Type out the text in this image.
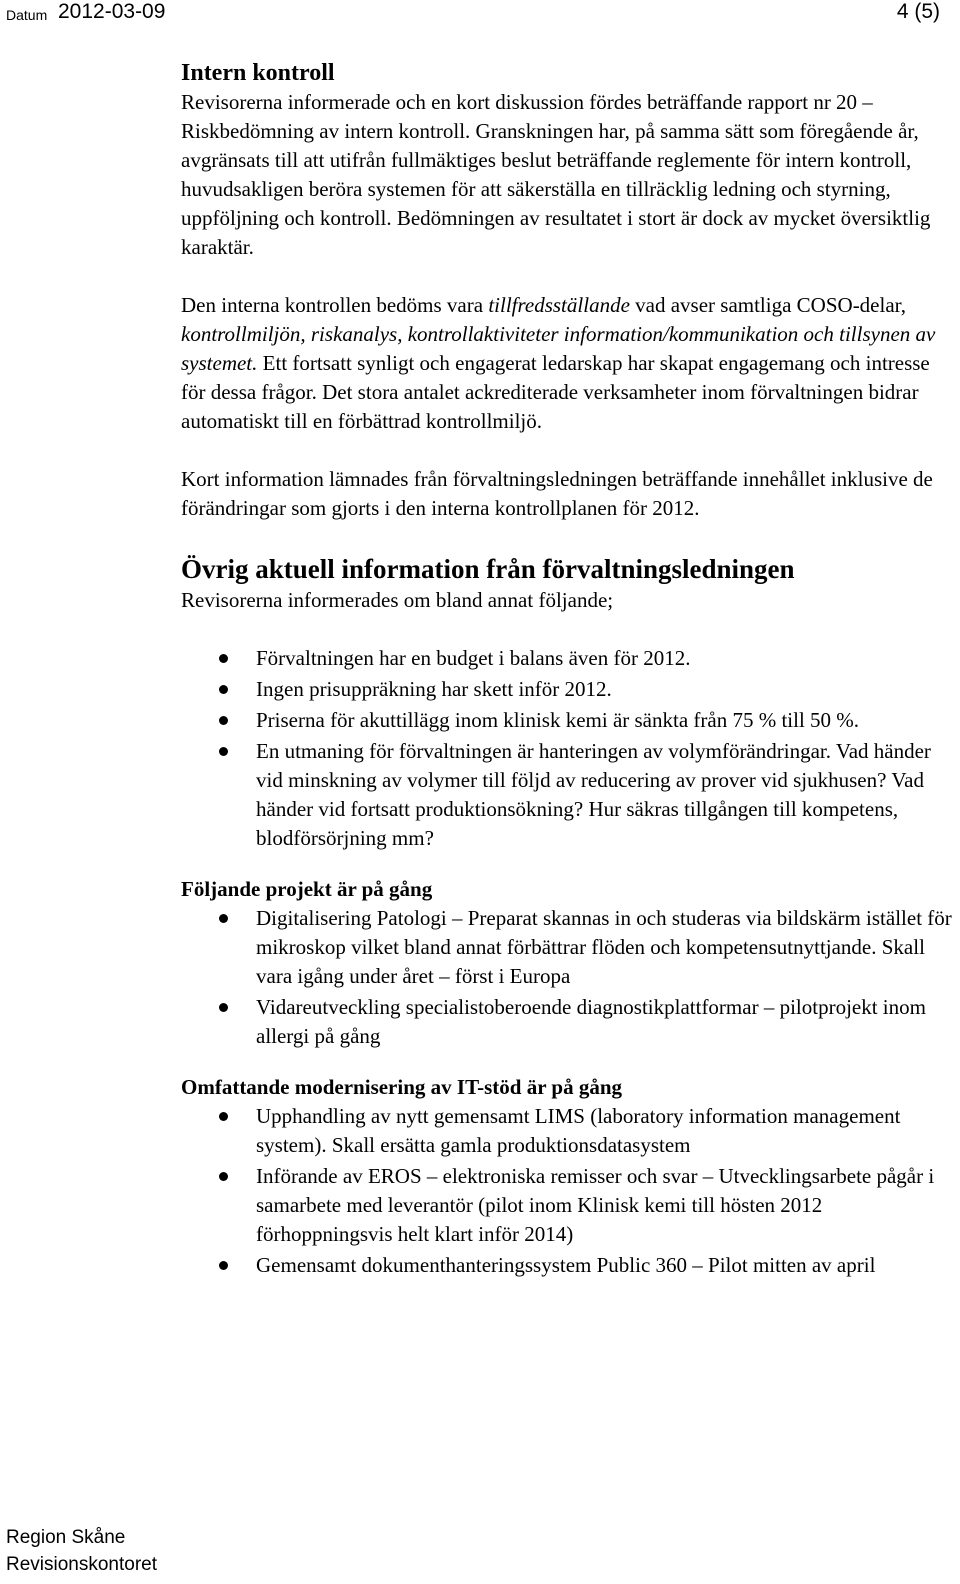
Datum 2012-03-09	4 (5)
Intern kontroll

Revisorerna informerade och en kort diskussion fördes beträffande rapport nr 20 – Riskbedömning av intern kontroll. Granskningen har, på samma sätt som föregående år, avgränsats till att utifrån fullmäktiges beslut beträffande reglemente för intern kontroll, huvudsakligen beröra systemen för att säkerställa en tillräcklig ledning och styrning, uppföljning och kontroll. Bedömningen av resultatet i stort är dock av mycket översiktlig karaktär.

Den interna kontrollen bedöms vara tillfredsställande vad avser samtliga COSO-delar, kontrollmiljön, riskanalys, kontrollaktiviteter information/kommunikation och tillsynen av systemet. Ett fortsatt synligt och engagerat ledarskap har skapat engagemang och intresse för dessa frågor. Det stora antalet ackrediterade verksamheter inom förvaltningen bidrar automatiskt till en förbättrad kontrollmiljö.

Kort information lämnades från förvaltningsledningen beträffande innehållet inklusive de förändringar som gjorts i den interna kontrollplanen för 2012.

Övrig aktuell information från förvaltningsledningen

Revisorerna informerades om bland annat följande;

Förvaltningen har en budget i balans även för 2012.
Ingen prisuppräkning har skett inför 2012.
Priserna för akuttillägg inom klinisk kemi är sänkta från 75 % till 50 %.
En utmaning för förvaltningen är hanteringen av volymförändringar. Vad händer vid minskning av volymer till följd av reducering av prover vid sjukhusen? Vad händer vid fortsatt produktionsökning? Hur säkras tillgången till kompetens, blodförsörjning mm?
Följande projekt är på gång
Digitalisering Patologi – Preparat skannas in och studeras via bildskärm istället för mikroskop vilket bland annat förbättrar flöden och kompetensutnyttjande. Skall vara igång under året – först i Europa
Vidareutveckling specialistoberoende diagnostikplattformar – pilotprojekt inom allergi på gång
Omfattande modernisering av IT-stöd är på gång
Upphandling av nytt gemensamt LIMS (laboratory information management system). Skall ersätta gamla produktionsdatasystem
Införande av EROS – elektroniska remisser och svar – Utvecklingsarbete pågår i samarbete med leverantör (pilot inom Klinisk kemi till hösten 2012 förhoppningsvis helt klart inför 2014)
Gemensamt dokumenthanteringssystem Public 360 – Pilot mitten av april
Region Skåne
Revisionskontoret
